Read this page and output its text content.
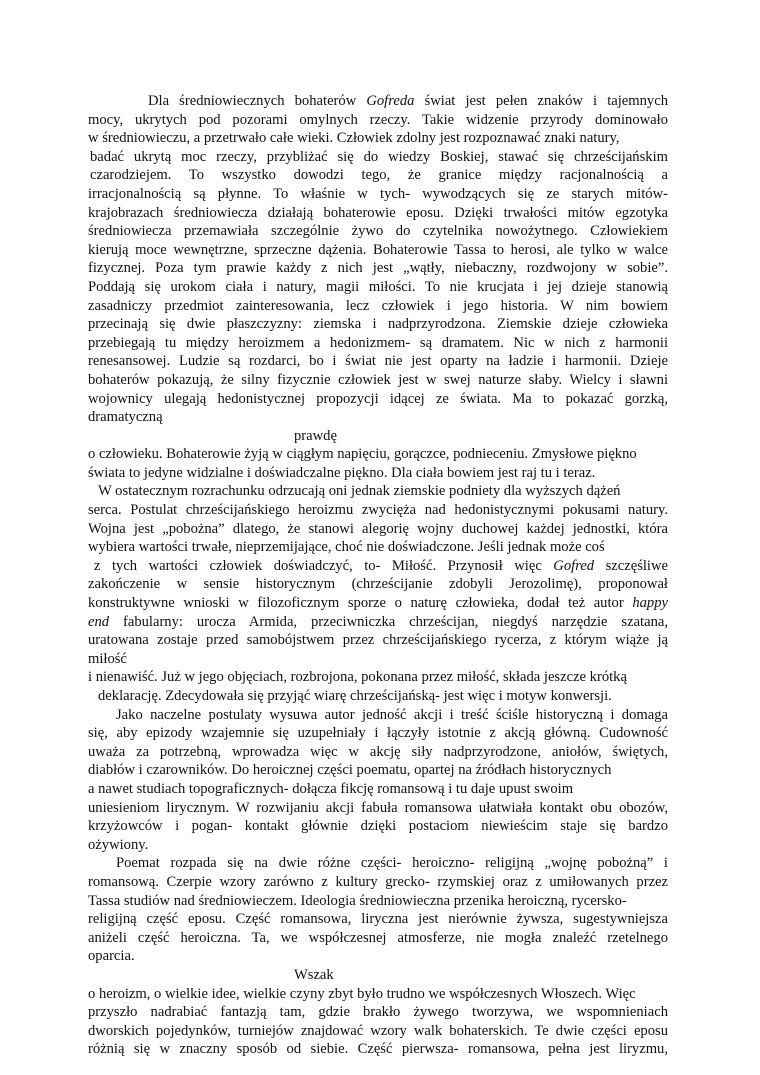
Dla średniowiecznych bohaterów Gofreda świat jest pełen znaków i tajemnych
mocy, ukrytych pod pozorami omylnych rzeczy. Takie widzenie przyrody dominowało
w średniowieczu, a przetrwało całe wieki. Człowiek zdolny jest rozpoznawać znaki natury,
badać ukrytą moc rzeczy, przybliżać się do wiedzy Boskiej, stawać się chrześcijańskim
czarodziejem. To wszystko dowodzi tego, że granice między racjonalnością a
irracjonalnością są płynne. To właśnie w tych- wywodzących się ze starych mitów-
krajobrazach średniowiecza działają bohaterowie eposu. Dzięki trwałości mitów egzotyka
średniowiecza przemawiała szczególnie żywo do czytelnika nowożytnego. Człowiekiem
kierują moce wewnętrzne, sprzeczne dążenia. Bohaterowie Tassa to herosi, ale tylko w walce
fizycznej. Poza tym prawie każdy z nich jest „wątły, niebaczny, rozdwojony w sobie”.
Poddają się urokom ciała i natury, magii miłości. To nie krucjata i jej dzieje stanowią
zasadniczy przedmiot zainteresowania, lecz człowiek i jego historia. W nim bowiem
przecinają się dwie płaszczyzny: ziemska i nadprzyrodzona. Ziemskie dzieje człowieka
przebiegają tu między heroizmem a hedonizmem- są dramatem. Nic w nich z harmonii
renesansowej. Ludzie są rozdarci, bo i świat nie jest oparty na ładzie i harmonii. Dzieje
bohaterów pokazują, że silny fizycznie człowiek jest w swej naturze słaby. Wielcy i sławni
wojownicy ulegają hedonistycznej propozycji idącej ze świata. Ma to pokazać gorzką,
dramatyczną
prawdę
o człowieku. Bohaterowie żyją w ciągłym napięciu, gorączce, podnieceniu. Zmysłowe piękno
świata to jedyne widzialne i doświadczalne piękno. Dla ciała bowiem jest raj tu i teraz.
W ostatecznym rozrachunku odrzucają oni jednak ziemskie podniety dla wyższych dążeń
serca. Postulat chrześcijańskiego heroizmu zwycięża nad hedonistycznymi pokusami natury.
Wojna jest „pobożna” dlatego, że stanowi alegorię wojny duchowej każdej jednostki, która
wybiera wartości trwałe, nieprzemijające, choć nie doświadczone. Jeśli jednak może coś
z tych wartości człowiek doświadczyć, to- Miłość. Przynosił więc Gofred szczęśliwe
zakończenie w sensie historycznym (chrześcijanie zdobyli Jerozolimę), proponował
konstruktywne wnioski w filozoficznym sporze o naturę człowieka, dodał też autor happy
end fabularny: urocza Armida, przeciwniczka chrześcijan, niegdyś narzędzie szatana,
uratowana zostaje przed samobójstwem przez chrześcijańskiego rycerza, z którym wiąże ją
miłość
i nienawiść. Już w jego objęciach, rozbrojona, pokonana przez miłość, składa jeszcze krótką
deklarację. Zdecydowała się przyjąć wiarę chrześcijańską- jest więc i motyw konwersji.
Jako naczelne postulaty wysuwa autor jedność akcji i treść ściśle historyczną i domaga
się, aby epizody wzajemnie się uzupełniały i łączyły istotnie z akcją główną. Cudowność
uważa za potrzebną, wprowadza więc w akcję siły nadprzyrodzone, aniołów, świętych,
diabłów i czarowników. Do heroicznej części poematu, opartej na źródłach historycznych
a nawet studiach topograficznych- dołącza fikcję romansową i tu daje upust swoim
uniesieniom lirycznym. W rozwijaniu akcji fabuła romansowa ułatwiała kontakt obu obozów,
krzyżowców i pogan- kontakt głównie dzięki postaciom niewieścim staje się bardzo
ożywiony.
Poemat rozpada się na dwie różne części- heroiczno- religijną „wojnę pobożną” i
romansową. Czerpie wzory zarówno z kultury grecko- rzymskiej oraz z umiłowanych przez
Tassa studiów nad średniowieczem. Ideologia średniowieczna przenika heroiczną, rycersko-
religijną część eposu. Część romansowa, liryczna jest nierównie żywsza, sugestywniejsza
aniżeli część heroiczna. Ta, we współczesnej atmosferze, nie mogła znaleźć rzetelnego
oparcia.
Wszak
o heroizm, o wielkie idee, wielkie czyny zbyt było trudno we współczesnych Włoszech. Więc
przyszło nadrabiać fantazją tam, gdzie brakło żywego tworzywa, we wspomnieniach
dworskich pojedynków, turniejów znajdować wzory walk bohaterskich. Te dwie części eposu
różnią się w znaczny sposób od siebie. Część pierwsza- romansowa, pełna jest liryzmu,
